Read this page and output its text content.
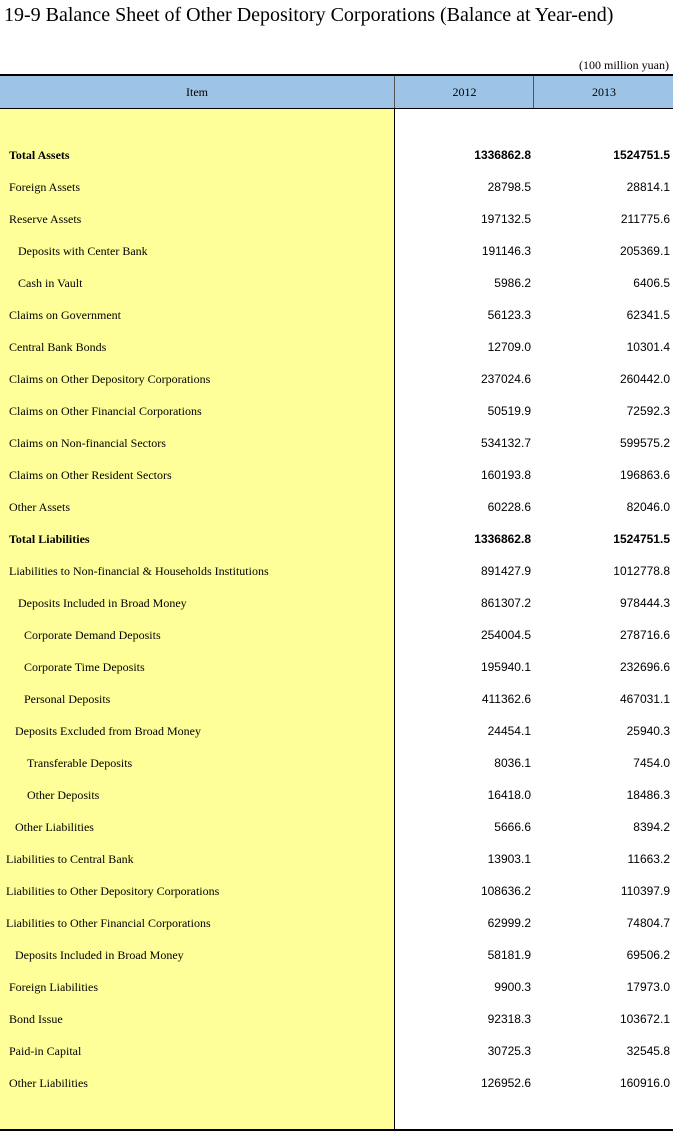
19-9 Balance Sheet of Other Depository Corporations (Balance at Year-end)
(100 million yuan)
Item	2012	2013
Total Assets	1336862.8	1524751.5
Foreign Assets	28798.5	28814.1
Reserve Assets	197132.5	211775.6
Deposits with Center Bank	191146.3	205369.1
Cash in Vault	5986.2	6406.5
Claims on Government	56123.3	62341.5
Central Bank Bonds	12709.0	10301.4
Claims on Other Depository Corporations	237024.6	260442.0
Claims on Other Financial Corporations	50519.9	72592.3
Claims on Non-financial Sectors	534132.7	599575.2
Claims on Other Resident Sectors	160193.8	196863.6
Other Assets	60228.6	82046.0
Total Liabilities	1336862.8	1524751.5
Liabilities to Non-financial & Households Institutions	891427.9	1012778.8
Deposits Included in Broad Money	861307.2	978444.3
Corporate Demand Deposits	254004.5	278716.6
Corporate Time Deposits	195940.1	232696.6
Personal Deposits	411362.6	467031.1
Deposits Excluded from Broad Money	24454.1	25940.3
Transferable Deposits	8036.1	7454.0
Other Deposits	16418.0	18486.3
Other Liabilities	5666.6	8394.2
Liabilities to Central Bank	13903.1	11663.2
Liabilities to Other Depository Corporations	108636.2	110397.9
Liabilities to Other Financial Corporations	62999.2	74804.7
Deposits Included in Broad Money	58181.9	69506.2
Foreign Liabilities	9900.3	17973.0
Bond Issue	92318.3	103672.1
Paid-in Capital	30725.3	32545.8
Other Liabilities	126952.6	160916.0
